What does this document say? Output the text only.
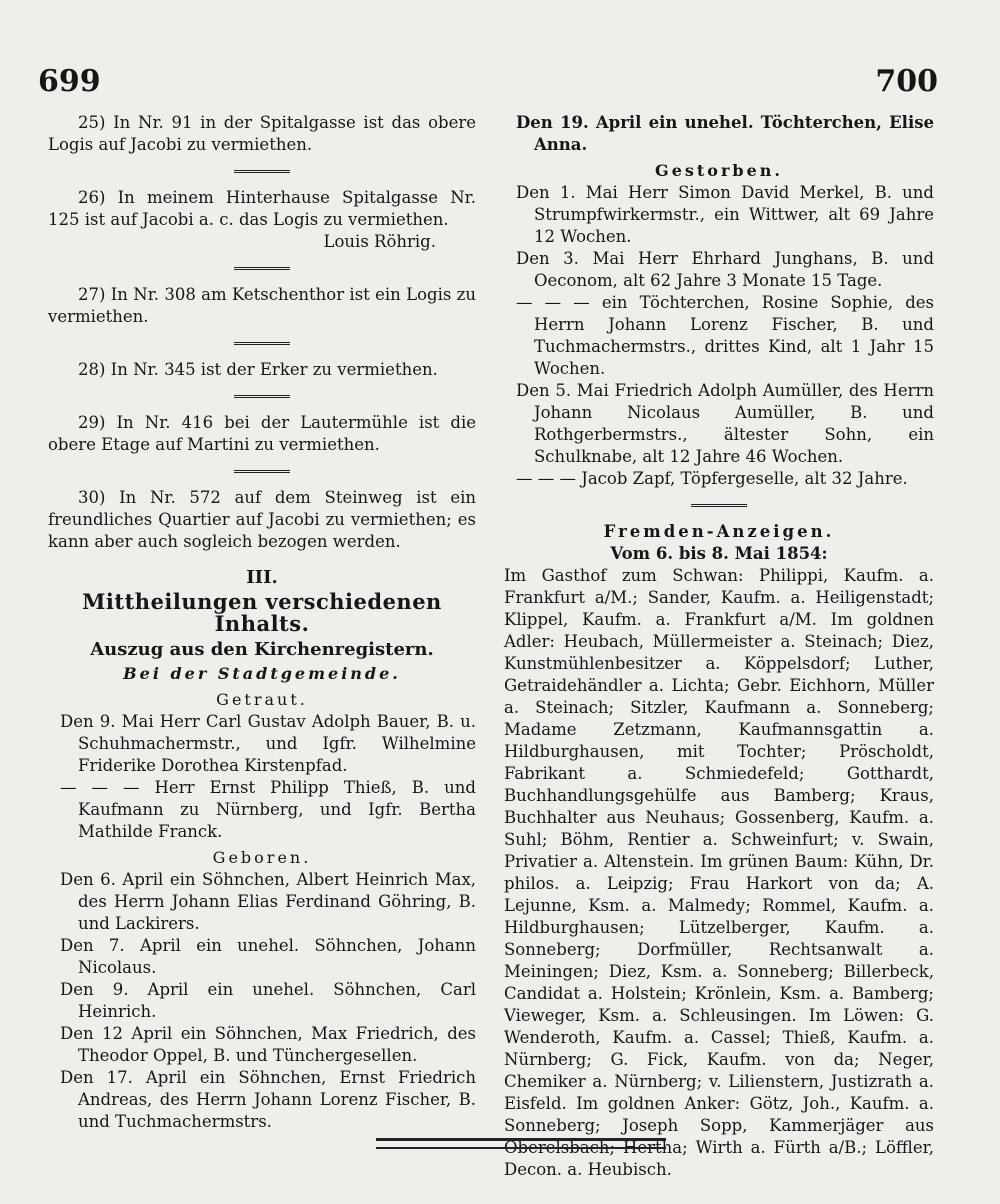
699	700

25) In Nr. 91 in der Spitalgasse ist das obere Logis auf Jacobi zu vermiethen.

26) In meinem Hinterhause Spitalgasse Nr. 125 ist auf Jacobi a. c. das Logis zu vermiethen.

Louis Röhrig.

27) In Nr. 308 am Ketschenthor ist ein Logis zu vermiethen.

28) In Nr. 345 ist der Erker zu vermiethen.

29) In Nr. 416 bei der Lautermühle ist die obere Etage auf Martini zu vermiethen.

30) In Nr. 572 auf dem Steinweg ist ein freundliches Quartier auf Jacobi zu vermiethen; es kann aber auch sogleich bezogen werden.

III.
Mittheilungen verschiedenen Inhalts.
Auszug aus den Kirchenregistern.
Bei der Stadtgemeinde.
Getraut.

Den 9. Mai Herr Carl Gustav Adolph Bauer, B. u. Schuhmachermstr., und Igfr. Wilhelmine Friderike Dorothea Kirstenpfad.

— — — Herr Ernst Philipp Thieß, B. und Kaufmann zu Nürnberg, und Igfr. Bertha Mathilde Franck.

Geboren.

Den 6. April ein Söhnchen, Albert Heinrich Max, des Herrn Johann Elias Ferdinand Göhring, B. und Lackirers.

Den 7. April ein unehel. Söhnchen, Johann Nicolaus.

Den 9. April ein unehel. Söhnchen, Carl Heinrich.

Den 12 April ein Söhnchen, Max Friedrich, des Theodor Oppel, B. und Tünchergesellen.

Den 17. April ein Söhnchen, Ernst Friedrich Andreas, des Herrn Johann Lorenz Fischer, B. und Tuchmachermstrs.

Den 19. April ein unehel. Töchterchen, Elise Anna.

Gestorben.

Den 1. Mai Herr Simon David Merkel, B. und Strumpfwirkermstr., ein Wittwer, alt 69 Jahre 12 Wochen.

Den 3. Mai Herr Ehrhard Junghans, B. und Oeconom, alt 62 Jahre 3 Monate 15 Tage.

— — — ein Töchterchen, Rosine Sophie, des Herrn Johann Lorenz Fischer, B. und Tuchmachermstrs., drittes Kind, alt 1 Jahr 15 Wochen.

Den 5. Mai Friedrich Adolph Aumüller, des Herrn Johann Nicolaus Aumüller, B. und Rothgerbermstrs., ältester Sohn, ein Schulknabe, alt 12 Jahre 46 Wochen.

— — — Jacob Zapf, Töpfergeselle, alt 32 Jahre.

Fremden-Anzeigen.
Vom 6. bis 8. Mai 1854:

Im Gasthof zum Schwan: Philippi, Kaufm. a. Frankfurt a/M.; Sander, Kaufm. a. Heiligenstadt; Klippel, Kaufm. a. Frankfurt a/M. Im goldnen Adler: Heubach, Müllermeister a. Steinach; Diez, Kunstmühlenbesitzer a. Köppelsdorf; Luther, Getraidehändler a. Lichta; Gebr. Eichhorn, Müller a. Steinach; Sitzler, Kaufmann a. Sonneberg; Madame Zetzmann, Kaufmannsgattin a. Hildburghausen, mit Tochter; Pröscholdt, Fabrikant a. Schmiedefeld; Gotthardt, Buchhandlungsgehülfe aus Bamberg; Kraus, Buchhalter aus Neuhaus; Gossenberg, Kaufm. a. Suhl; Böhm, Rentier a. Schweinfurt; v. Swain, Privatier a. Altenstein. Im grünen Baum: Kühn, Dr. philos. a. Leipzig; Frau Harkort von da; A. Lejunne, Ksm. a. Malmedy; Rommel, Kaufm. a. Hildburghausen; Lützelberger, Kaufm. a. Sonneberg; Dorfmüller, Rechtsanwalt a. Meiningen; Diez, Ksm. a. Sonneberg; Billerbeck, Candidat a. Holstein; Krönlein, Ksm. a. Bamberg; Vieweger, Ksm. a. Schleusingen. Im Löwen: G. Wenderoth, Kaufm. a. Cassel; Thieß, Kaufm. a. Nürnberg; G. Fick, Kaufm. von da; Neger, Chemiker a. Nürnberg; v. Lilienstern, Justizrath a. Eisfeld. Im goldnen Anker: Götz, Joh., Kaufm. a. Sonneberg; Joseph Sopp, Kammerjäger aus Oberelsbach; Hertha; Wirth a. Fürth a/B.; Löffler, Decon. a. Heubisch.
